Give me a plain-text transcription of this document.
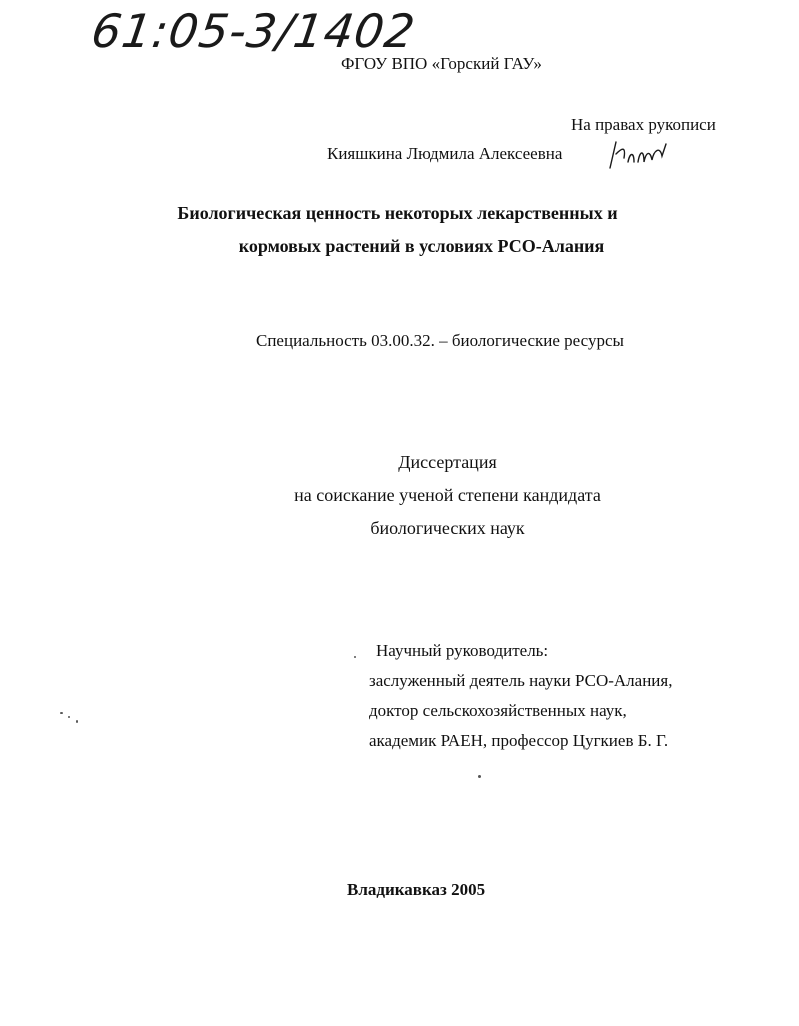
61:05-3/1402
ФГОУ ВПО «Горский ГАУ»
На правах рукописи
Кияшкина Людмила Алексеевна
Биологическая ценность некоторых лекарственных и
кормовых растений в условиях РСО-Алания
Специальность 03.00.32. – биологические ресурсы
Диссертация
на соискание ученой степени кандидата
биологических наук
Научный руководитель:
заслуженный деятель науки РСО-Алания,
доктор сельскохозяйственных наук,
академик РАЕН, профессор Цугкиев Б. Г.
Владикавказ 2005
